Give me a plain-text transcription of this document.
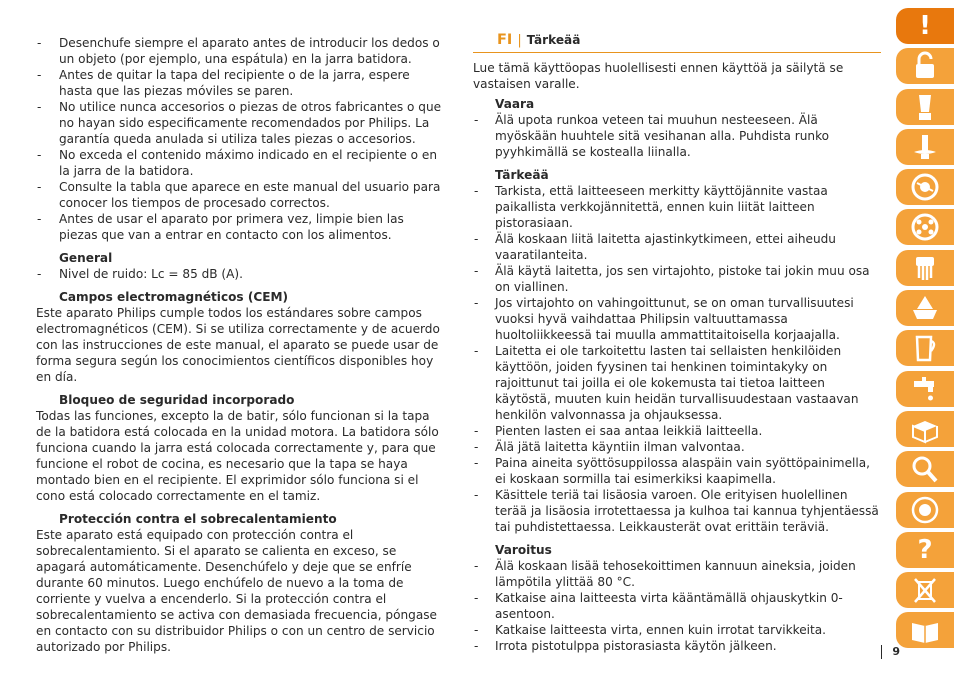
- Desenchufe siempre el aparato antes de introducir los dedos o un objeto (por ejemplo, una espátula) en la jarra batidora.
- Antes de quitar la tapa del recipiente o de la jarra, espere hasta que las piezas móviles se paren.
- No utilice nunca accesorios o piezas de otros fabricantes o que no hayan sido especificamente recomendados por Philips. La garantía queda anulada si utiliza tales piezas o accesorios.
- No exceda el contenido máximo indicado en el recipiente o en la jarra de la batidora.
- Consulte la tabla que aparece en este manual del usuario para conocer los tiempos de procesado correctos.
- Antes de usar el aparato por primera vez, limpie bien las piezas que van a entrar en contacto con los alimentos.
General
- Nivel de ruido: Lc = 85 dB (A).
Campos electromagnéticos (CEM)

Este aparato Philips cumple todos los estándares sobre campos electromagnéticos (CEM). Si se utiliza correctamente y de acuerdo con las instrucciones de este manual, el aparato se puede usar de forma segura según los conocimientos científicos disponibles hoy en día.

Bloqueo de seguridad incorporado

Todas las funciones, excepto la de batir, sólo funcionan si la tapa de la batidora está colocada en la unidad motora. La batidora sólo funciona cuando la jarra está colocada correctamente y, para que funcione el robot de cocina, es necesario que la tapa se haya montado bien en el recipiente. El exprimidor sólo funciona si el cono está colocado correctamente en el tamiz.

Protección contra el sobrecalentamiento

Este aparato está equipado con protección contra el sobrecalentamiento. Si el aparato se calienta en exceso, se apagará automáticamente. Desenchúfelo y deje que se enfríe durante 60 minutos. Luego enchúfelo de nuevo a la toma de corriente y vuelva a encenderlo. Si la protección contra el sobrecalentamiento se activa con demasiada frecuencia, póngase en contacto con su distribuidor Philips o con un centro de servicio autorizado por Philips.

FI | Tärkeää

Lue tämä käyttöopas huolellisesti ennen käyttöä ja säilytä se vastaisen varalle.

Vaara
- Älä upota runkoa veteen tai muuhun nesteeseen. Älä myöskään huuhtele sitä vesihanan alla. Puhdista runko pyyhkimällä se kostealla liinalla.
Tärkeää
- Tarkista, että laitteeseen merkitty käyttöjännite vastaa paikallista verkkojännitettä, ennen kuin liität laitteen pistorasiaan.
- Älä koskaan liitä laitetta ajastinkytkimeen, ettei aiheudu vaaratilanteita.
- Älä käytä laitetta, jos sen virtajohto, pistoke tai jokin muu osa on viallinen.
- Jos virtajohto on vahingoittunut, se on oman turvallisuutesi vuoksi hyvä vaihdattaa Philipsin valtuuttamassa huoltoliikkeessä tai muulla ammattitaitoisella korjaajalla.
- Laitetta ei ole tarkoitettu lasten tai sellaisten henkilöiden käyttöön, joiden fyysinen tai henkinen toimintakyky on rajoittunut tai joilla ei ole kokemusta tai tietoa laitteen käytöstä, muuten kuin heidän turvallisuudestaan vastaavan henkilön valvonnassa ja ohjauksessa.
- Pienten lasten ei saa antaa leikkiä laitteella.
- Älä jätä laitetta käyntiin ilman valvontaa.
- Paina aineita syöttösuppilossa alaspäin vain syöttöpainimella, ei koskaan sormilla tai esimerkiksi kaapimella.
- Käsittele teriä tai lisäosia varoen. Ole erityisen huolellinen terää ja lisäosia irrotettaessa ja kulhoa tai kannua tyhjentäessä tai puhdistettaessa. Leikkausterät ovat erittäin teräviä.
Varoitus
- Älä koskaan lisää tehosekoittimen kannuun aineksia, joiden lämpötila ylittää 80 °C.
- Katkaise aina laitteesta virta kääntämällä ohjauskytkin 0-asentoon.
- Katkaise laitteesta virta, ennen kuin irrotat tarvikkeita.
- Irrota pistotulppa pistorasiasta käytön jälkeen.
!
?
9
